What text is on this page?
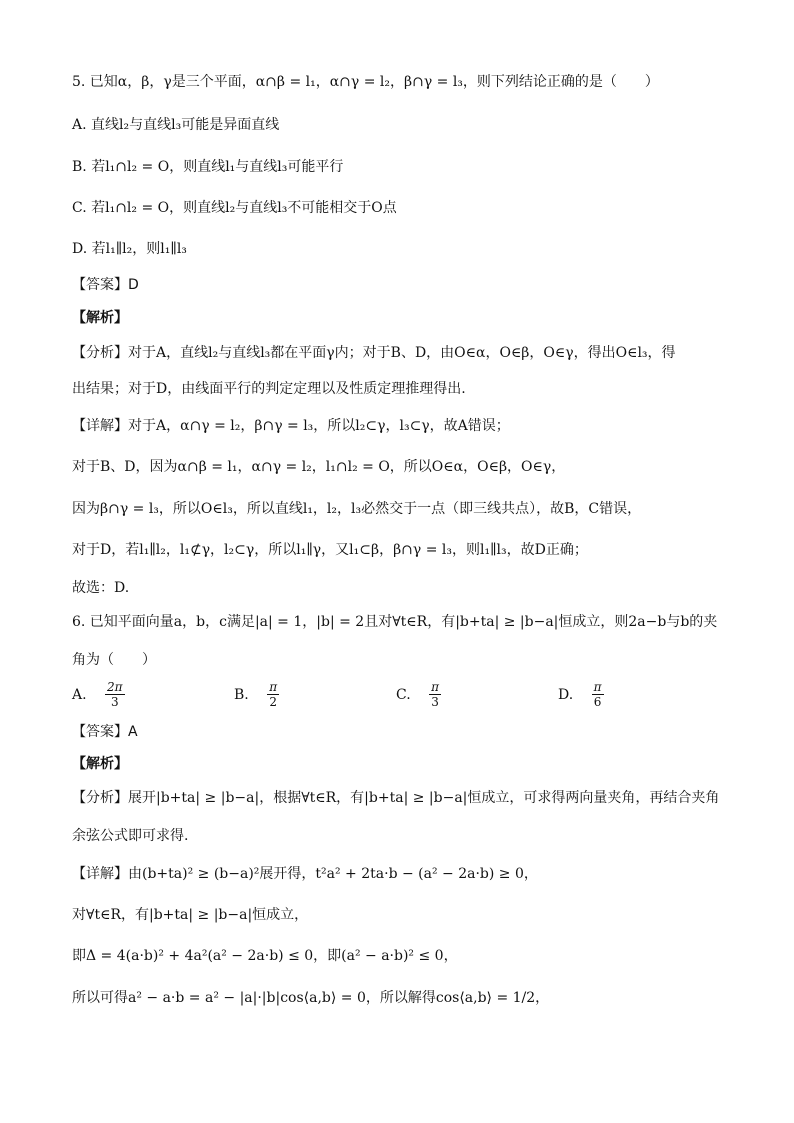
5. 已知α，β，γ是三个平面，α∩β = l₁，α∩γ = l₂，β∩γ = l₃，则下列结论正确的是（　　）
A. 直线l₂与直线l₃可能是异面直线
B. 若l₁∩l₂ = O，则直线l₁与直线l₃可能平行
C. 若l₁∩l₂ = O，则直线l₂与直线l₃不可能相交于O点
D. 若l₁∥l₂，则l₁∥l₃
【答案】D
【解析】
【分析】对于A，直线l₂与直线l₃都在平面γ内；对于B、D，由O∈α，O∈β，O∈γ，得出O∈l₃，得
出结果；对于D，由线面平行的判定定理以及性质定理推理得出.
【详解】对于A，α∩γ = l₂，β∩γ = l₃，所以l₂⊂γ，l₃⊂γ，故A错误；
对于B、D，因为α∩β = l₁，α∩γ = l₂，l₁∩l₂ = O，所以O∈α，O∈β，O∈γ，
因为β∩γ = l₃，所以O∈l₃，所以直线l₁，l₂，l₃必然交于一点（即三线共点），故B，C错误，
对于D，若l₁∥l₂，l₁⊄γ，l₂⊂γ，所以l₁∥γ，又l₁⊂β，β∩γ = l₃，则l₁∥l₃，故D正确；
故选：D.
6. 已知平面向量a，b，c满足|a| = 1，|b| = 2且对∀t∈R，有|b+ta| ≥ |b−a|恒成立，则2a−b与b的夹
角为（　　）
A. $\frac{2\pi}{3}$	B. $\frac{\pi}{2}$	C. $\frac{\pi}{3}$	D. $\frac{\pi}{6}$
【答案】A
【解析】
【分析】展开|b+ta| ≥ |b−a|，根据∀t∈R，有|b+ta| ≥ |b−a|恒成立，可求得两向量夹角，再结合夹角
余弦公式即可求得.
【详解】由(b+ta)² ≥ (b−a)²展开得，t²a² + 2ta·b − (a² − 2a·b) ≥ 0，
对∀t∈R，有|b+ta| ≥ |b−a|恒成立，
即Δ = 4(a·b)² + 4a²(a² − 2a·b) ≤ 0，即(a² − a·b)² ≤ 0，
所以可得a² − a·b = a² − |a|·|b|cos⟨a,b⟩ = 0，所以解得cos⟨a,b⟩ = 1/2，
